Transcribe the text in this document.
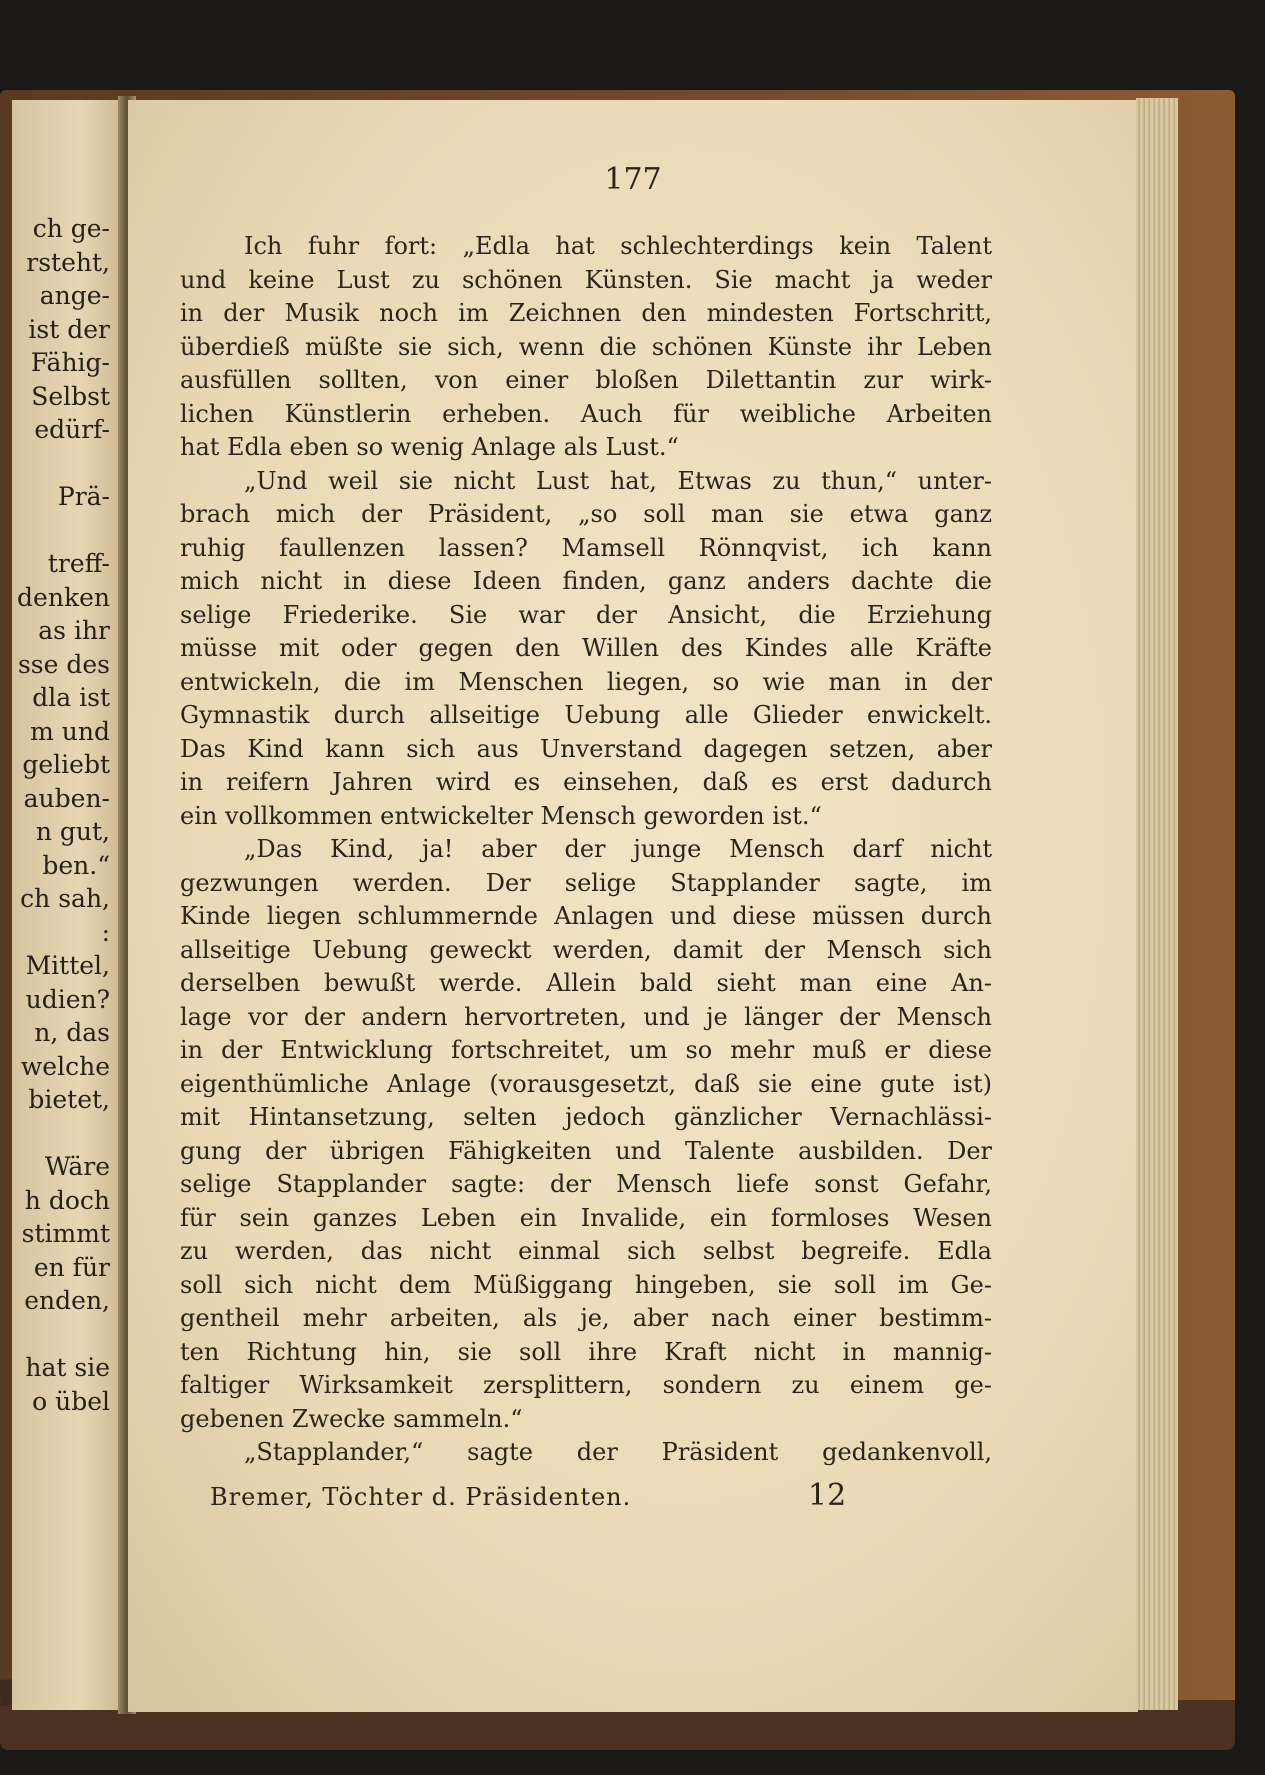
ch ge-
rsteht,
ange-
ist der
Fähig-
Selbst
edürf-
Prä-
treff-
denken
as ihr
sse des
dla ist
m und
geliebt
auben-
n gut,
ben.“
ch sah,
:
Mittel,
udien?
n, das
welche
bietet,
Wäre
h doch
stimmt
en für
enden,
hat sie
o übel
177
Ich fuhr fort: „Edla hat schlechterdings kein Talent
und keine Lust zu schönen Künsten. Sie macht ja weder
in der Musik noch im Zeichnen den mindesten Fortschritt,
überdieß müßte sie sich, wenn die schönen Künste ihr Leben
ausfüllen sollten, von einer bloßen Dilettantin zur wirk-
lichen Künstlerin erheben. Auch für weibliche Arbeiten
hat Edla eben so wenig Anlage als Lust.“
„Und weil sie nicht Lust hat, Etwas zu thun,“ unter-
brach mich der Präsident, „so soll man sie etwa ganz
ruhig faullenzen lassen? Mamsell Rönnqvist, ich kann
mich nicht in diese Ideen finden, ganz anders dachte die
selige Friederike. Sie war der Ansicht, die Erziehung
müsse mit oder gegen den Willen des Kindes alle Kräfte
entwickeln, die im Menschen liegen, so wie man in der
Gymnastik durch allseitige Uebung alle Glieder enwickelt.
Das Kind kann sich aus Unverstand dagegen setzen, aber
in reifern Jahren wird es einsehen, daß es erst dadurch
ein vollkommen entwickelter Mensch geworden ist.“
„Das Kind, ja! aber der junge Mensch darf nicht
gezwungen werden. Der selige Stapplander sagte, im
Kinde liegen schlummernde Anlagen und diese müssen durch
allseitige Uebung geweckt werden, damit der Mensch sich
derselben bewußt werde. Allein bald sieht man eine An-
lage vor der andern hervortreten, und je länger der Mensch
in der Entwicklung fortschreitet, um so mehr muß er diese
eigenthümliche Anlage (vorausgesetzt, daß sie eine gute ist)
mit Hintansetzung, selten jedoch gänzlicher Vernachlässi-
gung der übrigen Fähigkeiten und Talente ausbilden. Der
selige Stapplander sagte: der Mensch liefe sonst Gefahr,
für sein ganzes Leben ein Invalide, ein formloses Wesen
zu werden, das nicht einmal sich selbst begreife. Edla
soll sich nicht dem Müßiggang hingeben, sie soll im Ge-
gentheil mehr arbeiten, als je, aber nach einer bestimm-
ten Richtung hin, sie soll ihre Kraft nicht in mannig-
faltiger Wirksamkeit zersplittern, sondern zu einem ge-
gebenen Zwecke sammeln.“
„Stapplander,“ sagte der Präsident gedankenvoll,
Bremer, Töchter d. Präsidenten.	12
